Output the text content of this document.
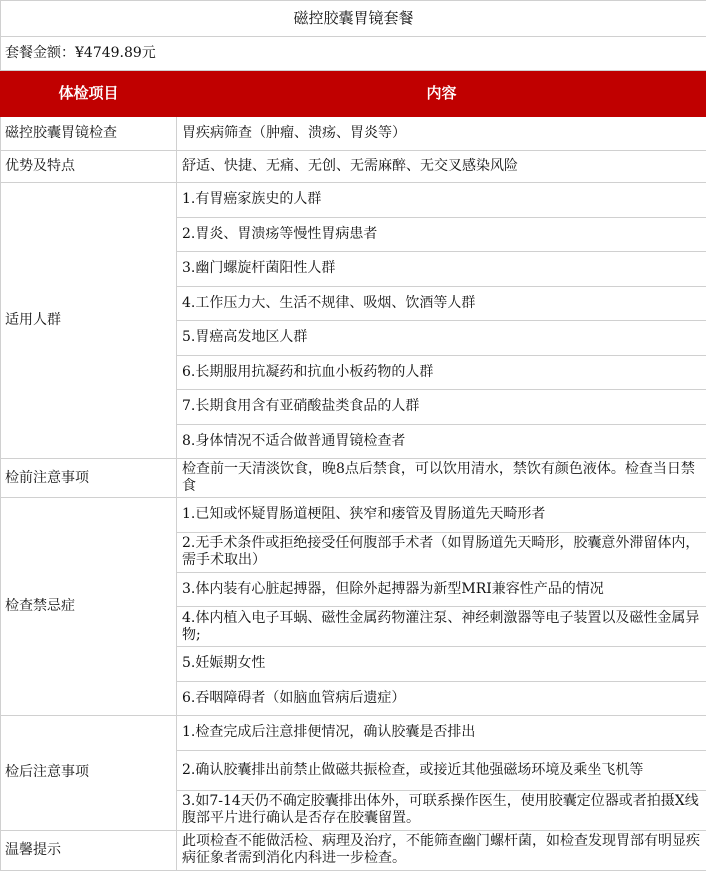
磁控胶囊胃镜套餐	
套餐金额：¥4749.89元	
体检项目	内容
磁控胶囊胃镜检查	胃疾病筛查（肿瘤、溃疡、胃炎等）
优势及特点	舒适、快捷、无痛、无创、无需麻醉、无交叉感染风险
适用人群	1.有胃癌家族史的人群
	2.胃炎、胃溃疡等慢性胃病患者
	3.幽门螺旋杆菌阳性人群
	4.工作压力大、生活不规律、吸烟、饮酒等人群
	5.胃癌高发地区人群
	6.长期服用抗凝药和抗血小板药物的人群
	7.长期食用含有亚硝酸盐类食品的人群
	8.身体情况不适合做普通胃镜检查者
检前注意事项	检查前一天清淡饮食，晚8点后禁食，可以饮用清水，禁饮有颜色液体。检查当日禁食
检查禁忌症	1.已知或怀疑胃肠道梗阻、狭窄和瘘管及胃肠道先天畸形者
	2.无手术条件或拒绝接受任何腹部手术者（如胃肠道先天畸形，胶囊意外滞留体内，需手术取出）
	3.体内装有心脏起搏器，但除外起搏器为新型MRI兼容性产品的情况
	4.体内植入电子耳蜗、磁性金属药物灌注泵、神经刺激器等电子装置以及磁性金属异物;
	5.妊娠期女性
	6.吞咽障碍者（如脑血管病后遗症）
检后注意事项	1.检查完成后注意排便情况，确认胶囊是否排出
	2.确认胶囊排出前禁止做磁共振检查，或接近其他强磁场环境及乘坐飞机等
	3.如7-14天仍不确定胶囊排出体外，可联系操作医生，使用胶囊定位器或者拍摄X线腹部平片进行确认是否存在胶囊留置。
温馨提示	此项检查不能做活检、病理及治疗，不能筛查幽门螺杆菌，如检查发现胃部有明显疾病征象者需到消化内科进一步检查。
